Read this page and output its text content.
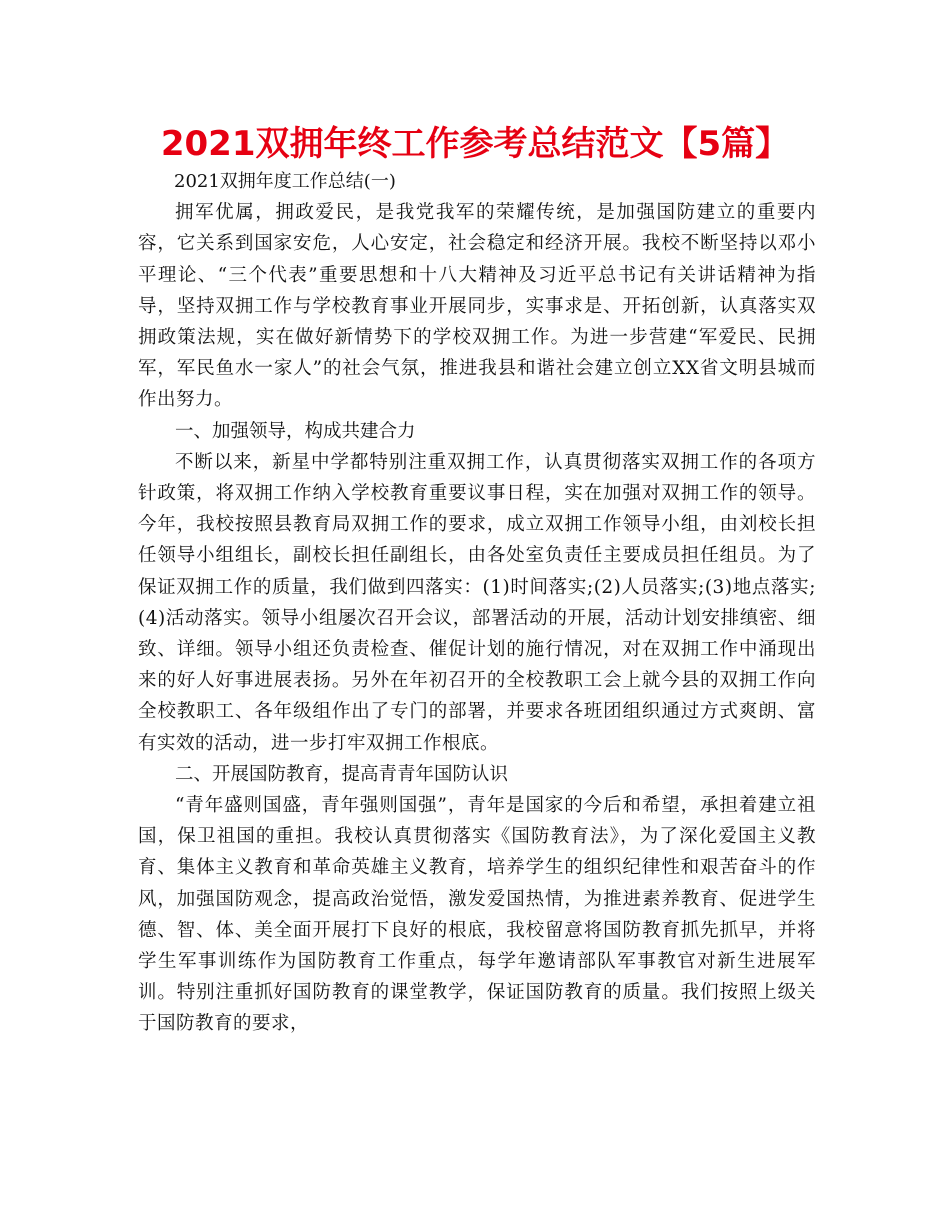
2021双拥年终工作参考总结范文【5篇】

2021双拥年度工作总结(一)

拥军优属，拥政爱民，是我党我军的荣耀传统，是加强国防建立的重要内容，它关系到国家安危，人心安定，社会稳定和经济开展。我校不断坚持以邓小平理论、“三个代表”重要思想和十八大精神及习近平总书记有关讲话精神为指导，坚持双拥工作与学校教育事业开展同步，实事求是、开拓创新，认真落实双拥政策法规，实在做好新情势下的学校双拥工作。为进一步营建“军爱民、民拥军，军民鱼水一家人”的社会气氛，推进我县和谐社会建立创立XX省文明县城而作出努力。

一、加强领导，构成共建合力

不断以来，新星中学都特别注重双拥工作，认真贯彻落实双拥工作的各项方针政策，将双拥工作纳入学校教育重要议事日程，实在加强对双拥工作的领导。今年，我校按照县教育局双拥工作的要求，成立双拥工作领导小组，由刘校长担任领导小组组长，副校长担任副组长，由各处室负责任主要成员担任组员。为了保证双拥工作的质量，我们做到四落实：(1)时间落实;(2)人员落实;(3)地点落实;(4)活动落实。领导小组屡次召开会议，部署活动的开展，活动计划安排缜密、细致、详细。领导小组还负责检查、催促计划的施行情况，对在双拥工作中涌现出来的好人好事进展表扬。另外在年初召开的全校教职工会上就今县的双拥工作向全校教职工、各年级组作出了专门的部署，并要求各班团组织通过方式爽朗、富有实效的活动，进一步打牢双拥工作根底。

二、开展国防教育，提高青青年国防认识

“青年盛则国盛，青年强则国强”，青年是国家的今后和希望，承担着建立祖国，保卫祖国的重担。我校认真贯彻落实《国防教育法》，为了深化爱国主义教育、集体主义教育和革命英雄主义教育，培养学生的组织纪律性和艰苦奋斗的作风，加强国防观念，提高政治觉悟，激发爱国热情，为推进素养教育、促进学生德、智、体、美全面开展打下良好的根底，我校留意将国防教育抓先抓早，并将学生军事训练作为国防教育工作重点，每学年邀请部队军事教官对新生进展军训。特别注重抓好国防教育的课堂教学，保证国防教育的质量。我们按照上级关于国防教育的要求，
